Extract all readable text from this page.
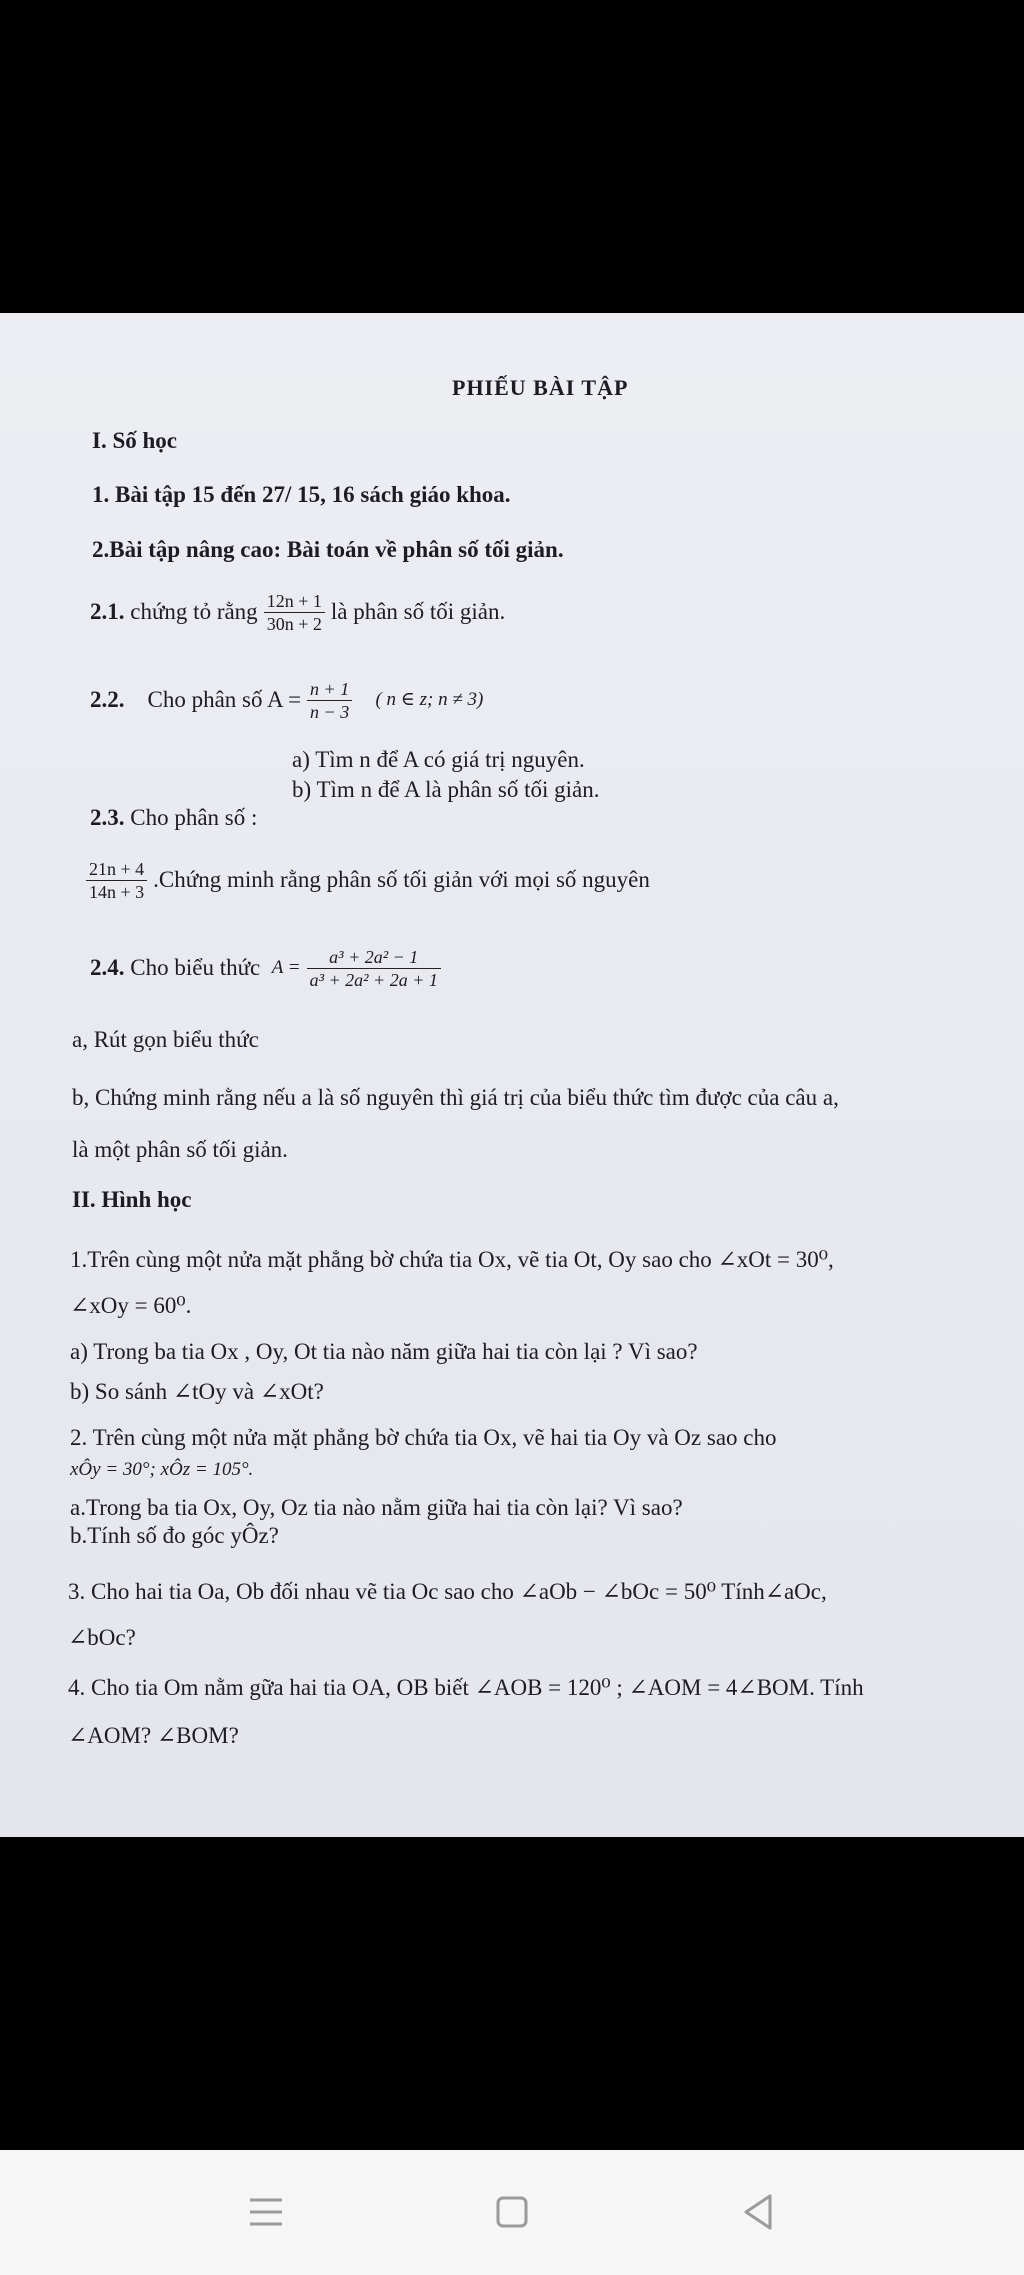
PHIẾU BÀI TẬP
I. Số học
1. Bài tập 15 đến 27/ 15, 16 sách giáo khoa.
2.Bài tập nâng cao: Bài toán về phân số tối giản.
2.1.
chứng tỏ rằng $\frac{12n + 1}{30n + 2}$ là phân số tối giản.
2.2.
Cho phân số $A = \frac{n + 1}{n - 3}$
( n ∈ z; n ≠ 3)
a) Tìm n để A có giá trị nguyên.
b) Tìm n để A là phân số tối giản.
2.3. Cho phân số :
$\frac{21n + 4}{14n + 3}$ .Chứng minh rằng phân số tối giản với mọi số nguyên
2.4.
Cho biểu thức
$A = \frac{\text{a³ + 2a² − 1}}{\text{a³ + 2a² + 2a + 1}}$
a, Rút gọn biểu thức
b, Chứng minh rằng nếu a là số nguyên thì giá trị của biểu thức tìm được của câu a,
là một phân số tối giản.
II. Hình học
1.Trên cùng một nửa mặt phẳng bờ chứa tia Ox, vẽ tia Ot, Oy sao cho ∠xOt = 30⁰,
∠xOy = 60⁰.
a) Trong ba tia Ox , Oy, Ot tia nào năm giữa hai tia còn lại ? Vì sao?
b) So sánh ∠tOy và ∠xOt?
2. Trên cùng một nửa mặt phẳng bờ chứa tia Ox, vẽ hai tia Oy và Oz sao cho
xÔy = 30°; xÔz = 105°.
a.Trong ba tia Ox, Oy, Oz tia nào nằm giữa hai tia còn lại? Vì sao?
b.Tính số đo góc yÔz?
3. Cho hai tia Oa, Ob đối nhau vẽ tia Oc sao cho ∠aOb − ∠bOc = 50⁰ Tính∠aOc,
∠bOc?
4. Cho tia Om nằm gữa hai tia OA, OB biết ∠AOB = 120⁰ ; ∠AOM = 4∠BOM. Tính
∠AOM? ∠BOM?
